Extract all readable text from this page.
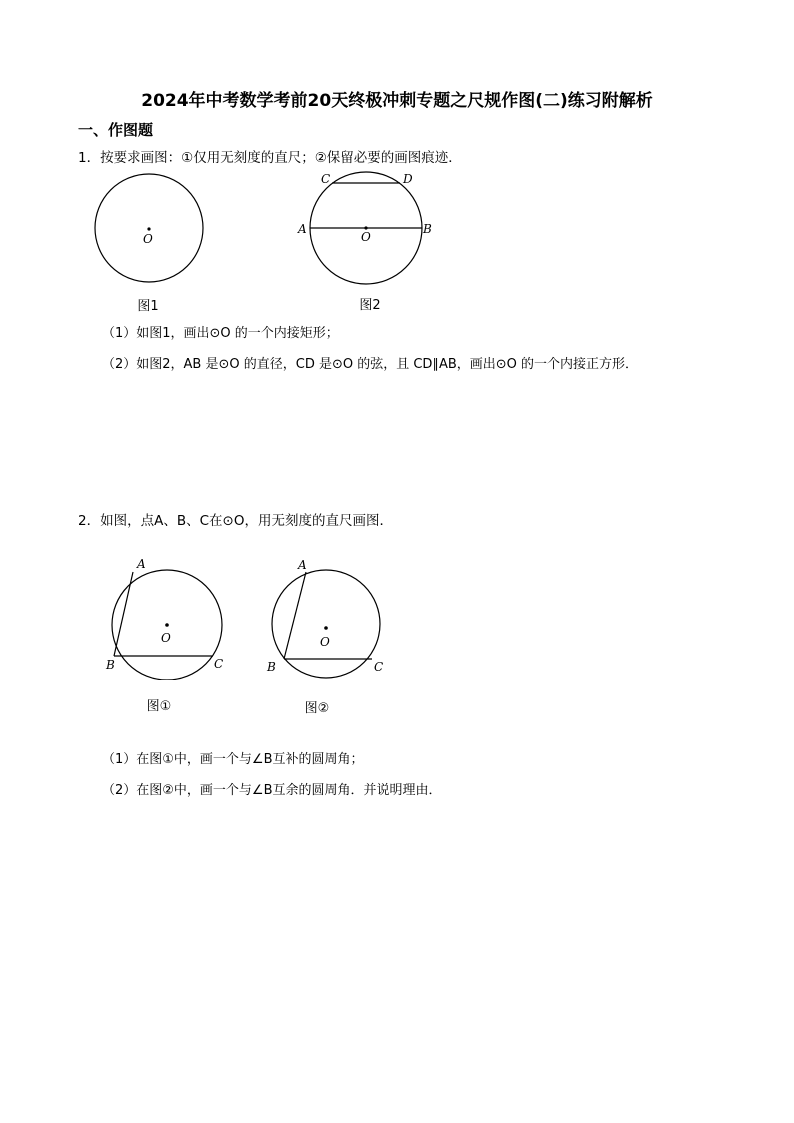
2024年中考数学考前20天终极冲刺专题之尺规作图(二)练习附解析
一、作图题
1．按要求画图：①仅用无刻度的直尺；②保留必要的画图痕迹．
O
图1
C	D
A	B
O
图2
（1）如图1，画出⊙O 的一个内接矩形；
（2）如图2，AB 是⊙O 的直径，CD 是⊙O 的弦，且 CD∥AB，画出⊙O 的一个内接正方形．
2．如图，点A、B、C在⊙O，用无刻度的直尺画图．
A
B	C
O
图①
A
B	C
O
图②
（1）在图①中，画一个与∠B互补的圆周角；
（2）在图②中，画一个与∠B互余的圆周角．并说明理由．
